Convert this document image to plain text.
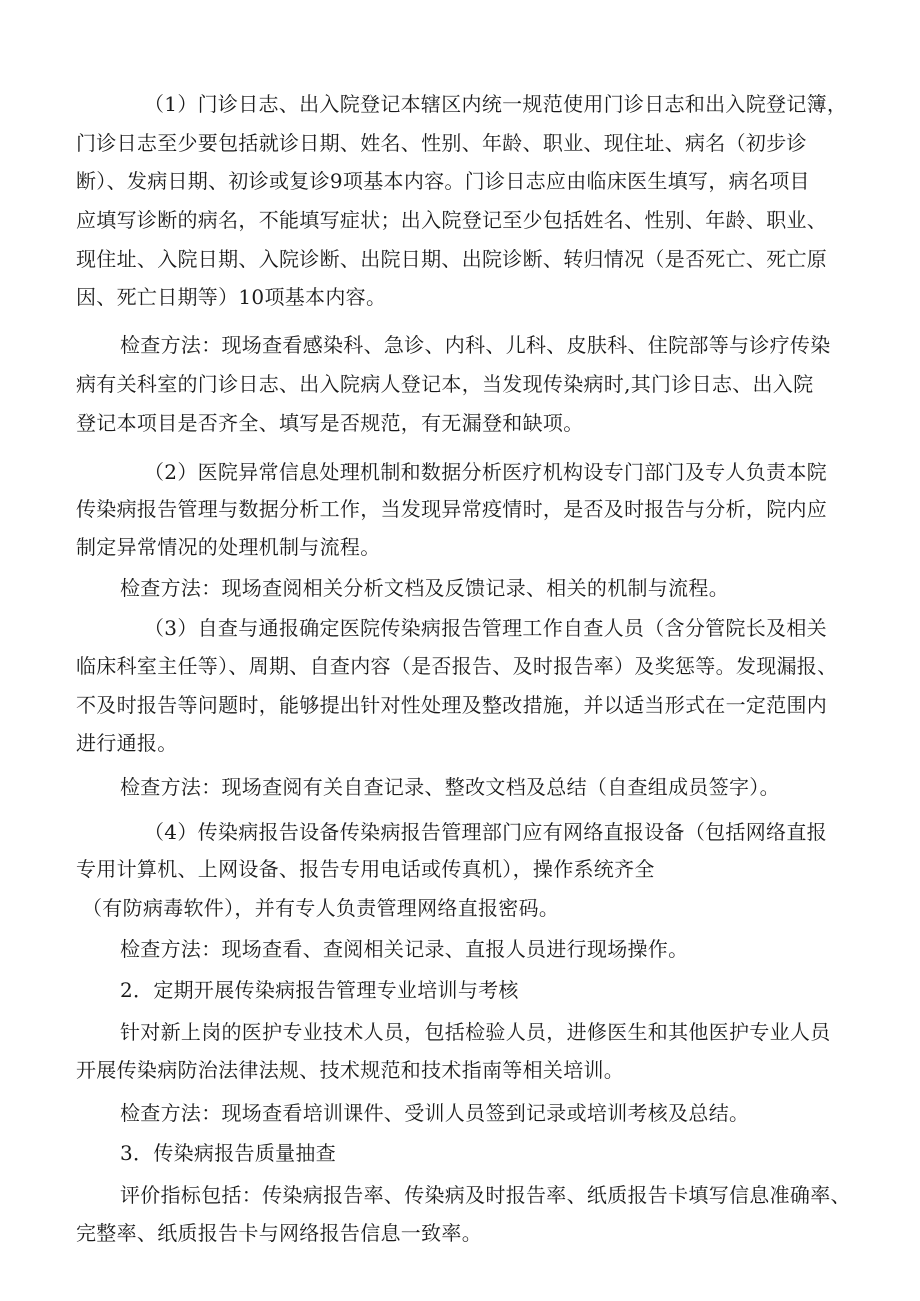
（1）门诊日志、出入院登记本辖区内统一规范使用门诊日志和出入院登记簿，
门诊日志至少要包括就诊日期、姓名、性别、年龄、职业、现住址、病名（初步诊
断）、发病日期、初诊或复诊9项基本内容。门诊日志应由临床医生填写，病名项目
应填写诊断的病名，不能填写症状；出入院登记至少包括姓名、性别、年龄、职业、
现住址、入院日期、入院诊断、出院日期、出院诊断、转归情况（是否死亡、死亡原
因、死亡日期等）10项基本内容。
检查方法：现场查看感染科、急诊、内科、儿科、皮肤科、住院部等与诊疗传染
病有关科室的门诊日志、出入院病人登记本，当发现传染病时,其门诊日志、出入院
登记本项目是否齐全、填写是否规范，有无漏登和缺项。
（2）医院异常信息处理机制和数据分析医疗机构设专门部门及专人负责本院
传染病报告管理与数据分析工作，当发现异常疫情时，是否及时报告与分析，院内应
制定异常情况的处理机制与流程。
检查方法：现场查阅相关分析文档及反馈记录、相关的机制与流程。
（3）自查与通报确定医院传染病报告管理工作自查人员（含分管院长及相关
临床科室主任等）、周期、自查内容（是否报告、及时报告率）及奖惩等。发现漏报、
不及时报告等问题时，能够提出针对性处理及整改措施，并以适当形式在一定范围内
进行通报。
检查方法：现场查阅有关自查记录、整改文档及总结（自查组成员签字）。
（4）传染病报告设备传染病报告管理部门应有网络直报设备（包括网络直报
专用计算机、上网设备、报告专用电话或传真机），操作系统齐全
（有防病毒软件），并有专人负责管理网络直报密码。
检查方法：现场查看、查阅相关记录、直报人员进行现场操作。
2．定期开展传染病报告管理专业培训与考核
针对新上岗的医护专业技术人员，包括检验人员，进修医生和其他医护专业人员
开展传染病防治法律法规、技术规范和技术指南等相关培训。
检查方法：现场查看培训课件、受训人员签到记录或培训考核及总结。
3．传染病报告质量抽查
评价指标包括：传染病报告率、传染病及时报告率、纸质报告卡填写信息准确率、
完整率、纸质报告卡与网络报告信息一致率。
